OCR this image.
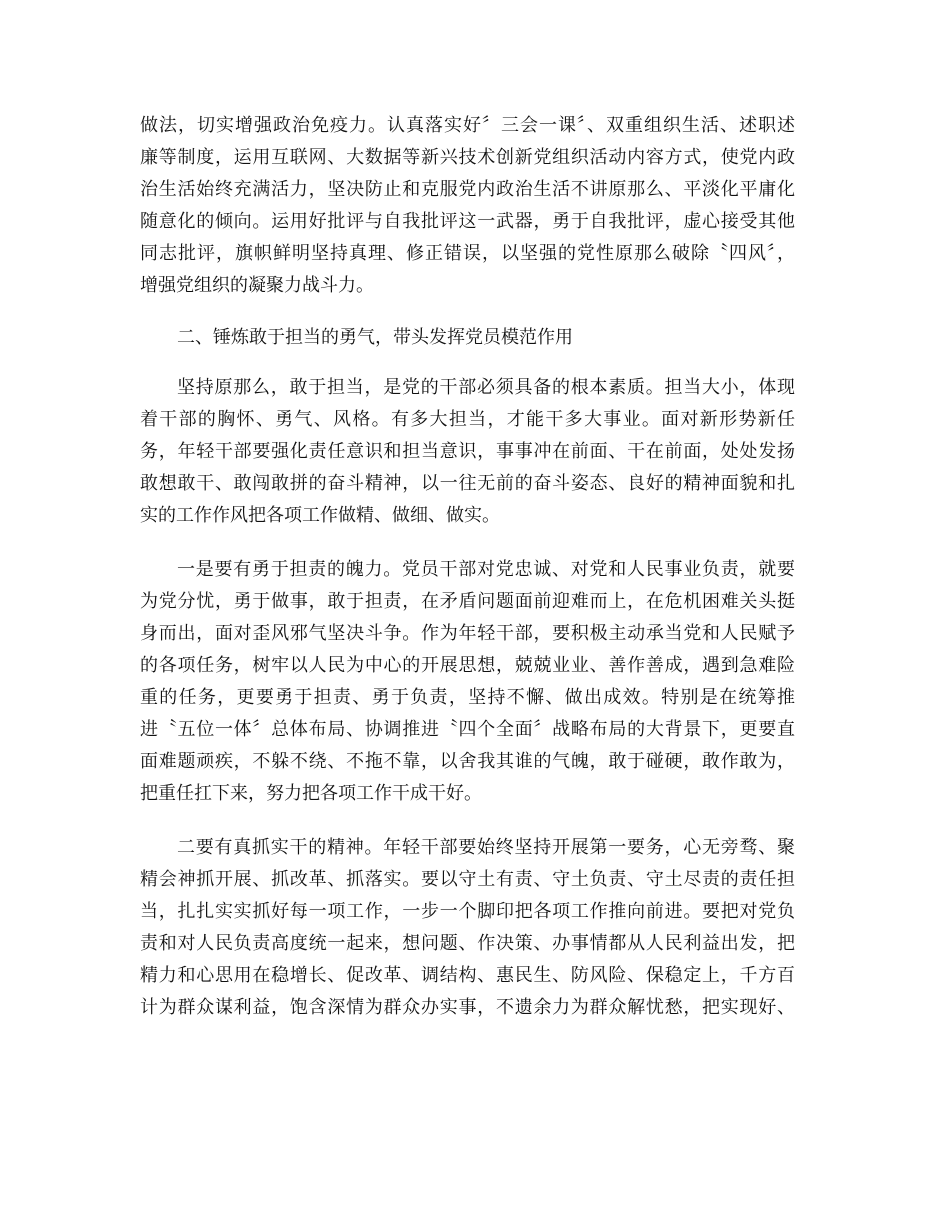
做法，切实增强政治免疫力。认真落实好〞三会一课〞、双重组织生活、述职述
廉等制度，运用互联网、大数据等新兴技术创新党组织活动内容方式，使党内政
治生活始终充满活力，坚决防止和克服党内政治生活不讲原那么、平淡化平庸化
随意化的倾向。运用好批评与自我批评这一武器，勇于自我批评，虚心接受其他
同志批评，旗帜鲜明坚持真理、修正错误，以坚强的党性原那么破除〝四风〞，
增强党组织的凝聚力战斗力。
二、锤炼敢于担当的勇气，带头发挥党员模范作用
坚持原那么，敢于担当，是党的干部必须具备的根本素质。担当大小，体现
着干部的胸怀、勇气、风格。有多大担当，才能干多大事业。面对新形势新任
务，年轻干部要强化责任意识和担当意识，事事冲在前面、干在前面，处处发扬
敢想敢干、敢闯敢拼的奋斗精神，以一往无前的奋斗姿态、良好的精神面貌和扎
实的工作作风把各项工作做精、做细、做实。
一是要有勇于担责的魄力。党员干部对党忠诚、对党和人民事业负责，就要
为党分忧，勇于做事，敢于担责，在矛盾问题面前迎难而上，在危机困难关头挺
身而出，面对歪风邪气坚决斗争。作为年轻干部，要积极主动承当党和人民赋予
的各项任务，树牢以人民为中心的开展思想，兢兢业业、善作善成，遇到急难险
重的任务，更要勇于担责、勇于负责，坚持不懈、做出成效。特别是在统筹推
进〝五位一体〞总体布局、协调推进〝四个全面〞战略布局的大背景下，更要直
面难题顽疾，不躲不绕、不拖不靠，以舍我其谁的气魄，敢于碰硬，敢作敢为，
把重任扛下来，努力把各项工作干成干好。
二要有真抓实干的精神。年轻干部要始终坚持开展第一要务，心无旁骛、聚
精会神抓开展、抓改革、抓落实。要以守土有责、守土负责、守土尽责的责任担
当，扎扎实实抓好每一项工作，一步一个脚印把各项工作推向前进。要把对党负
责和对人民负责高度统一起来，想问题、作决策、办事情都从人民利益出发，把
精力和心思用在稳增长、促改革、调结构、惠民生、防风险、保稳定上，千方百
计为群众谋利益，饱含深情为群众办实事，不遗余力为群众解忧愁，把实现好、
